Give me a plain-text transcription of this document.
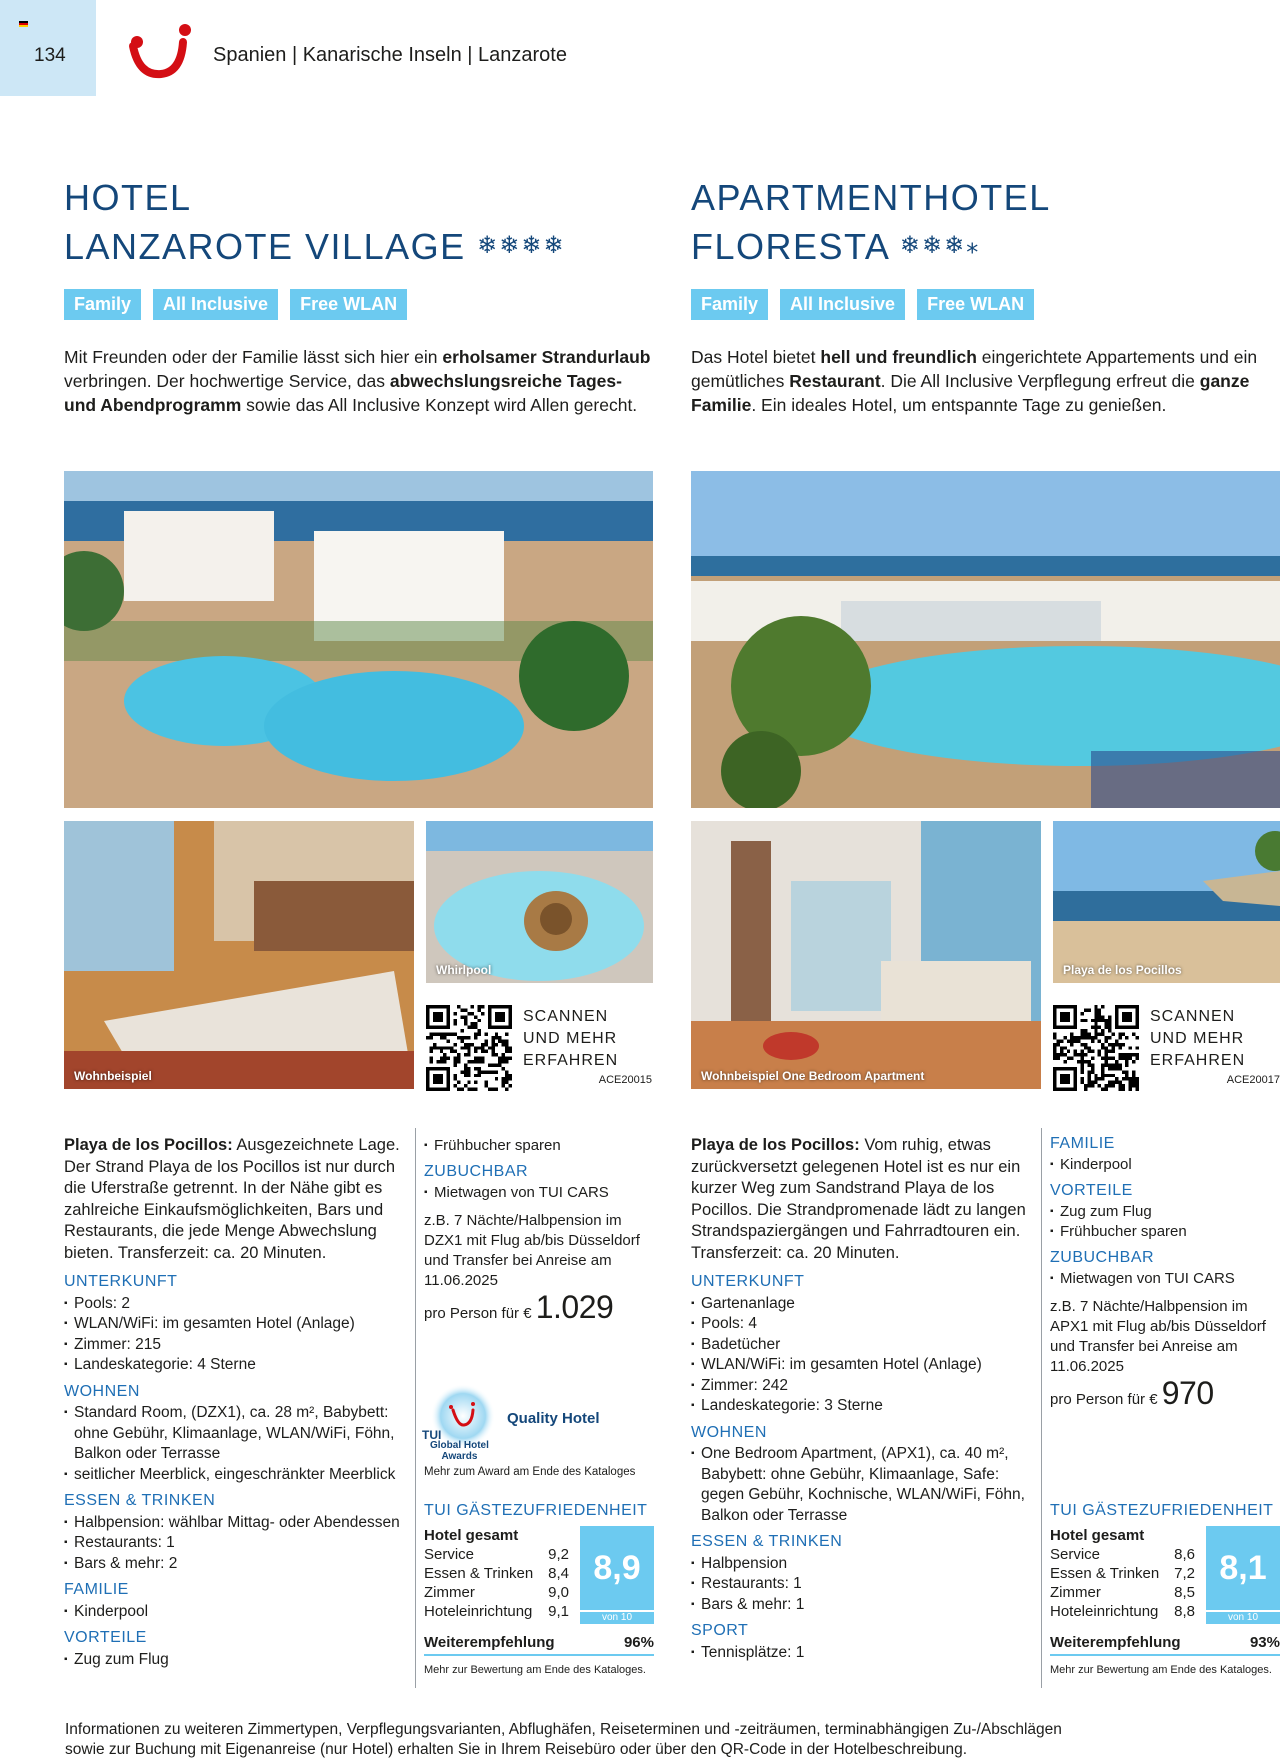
134	Spanien | Kanarische Inseln | Lanzarote
HOTEL
LANZAROTE VILLAGE ❄❄❄❄
Family	All Inclusive	Free WLAN
Mit Freunden oder der Familie lässt sich hier ein erholsamer Strandurlaub verbringen. Der hochwertige Service, das abwechslungsreiche Tages- und Abendprogramm sowie das All Inclusive Konzept wird Allen gerecht.
Wohnbeispiel
Whirlpool
SCANNEN
UND MEHR
ERFAHREN
ACE20015
Playa de los Pocillos: Ausgezeichnete Lage. Der Strand Playa de los Pocillos ist nur durch die Uferstraße getrennt. In der Nähe gibt es zahlreiche Einkaufsmöglichkeiten, Bars und Restaurants, die jede Menge Abwechslung bieten. Transferzeit: ca. 20 Minuten.
UNTERKUNFT
▪ Pools: 2
▪ WLAN/WiFi: im gesamten Hotel (Anlage)
▪ Zimmer: 215
▪ Landeskategorie: 4 Sterne
WOHNEN
▪ Standard Room, (DZX1), ca. 28 m², Babybett: ohne Gebühr, Klimaanlage, WLAN/WiFi, Föhn, Balkon oder Terrasse
▪ seitlicher Meerblick, eingeschränkter Meerblick
ESSEN & TRINKEN
▪ Halbpension: wählbar Mittag- oder Abendessen
▪ Restaurants: 1
▪ Bars & mehr: 2
FAMILIE
▪ Kinderpool
VORTEILE
▪ Zug zum Flug
▪ Frühbucher sparen
ZUBUCHBAR
▪ Mietwagen von TUI CARS
z.B. 7 Nächte/Halbpension im DZX1 mit Flug ab/bis Düsseldorf und Transfer bei Anreise am 11.06.2025
pro Person für € 1.029
TUI
Global Hotel
Awards
Quality Hotel
Mehr zum Award am Ende des Kataloges
TUI GÄSTEZUFRIEDENHEIT
Hotel gesamt
Service	9,2
Essen & Trinken 8,4
Zimmer	9,0
Hoteleinrichtung 9,1
8,9
von 10
Weiterempfehlung	96%
Mehr zur Bewertung am Ende des Kataloges.
APARTMENTHOTEL
FLORESTA ❄❄❄⁎
Family	All Inclusive	Free WLAN
Das Hotel bietet hell und freundlich eingerichtete Appartements und ein gemütliches Restaurant. Die All Inclusive Verpflegung erfreut die ganze Familie. Ein ideales Hotel, um entspannte Tage zu genießen.
Wohnbeispiel One Bedroom Apartment
Playa de los Pocillos
SCANNEN
UND MEHR
ERFAHREN
ACE20017
Playa de los Pocillos: Vom ruhig, etwas zurückversetzt gelegenen Hotel ist es nur ein kurzer Weg zum Sandstrand Playa de los Pocillos. Die Strandpromenade lädt zu langen Strandspaziergängen und Fahrradtouren ein. Transferzeit: ca. 20 Minuten.
UNTERKUNFT
▪ Gartenanlage
▪ Pools: 4
▪ Badetücher
▪ WLAN/WiFi: im gesamten Hotel (Anlage)
▪ Zimmer: 242
▪ Landeskategorie: 3 Sterne
WOHNEN
▪ One Bedroom Apartment, (APX1), ca. 40 m², Babybett: ohne Gebühr, Klimaanlage, Safe: gegen Gebühr, Kochnische, WLAN/WiFi, Föhn, Balkon oder Terrasse
ESSEN & TRINKEN
▪ Halbpension
▪ Restaurants: 1
▪ Bars & mehr: 1
SPORT
▪ Tennisplätze: 1
FAMILIE
▪ Kinderpool
VORTEILE
▪ Zug zum Flug
▪ Frühbucher sparen
ZUBUCHBAR
▪ Mietwagen von TUI CARS
z.B. 7 Nächte/Halbpension im APX1 mit Flug ab/bis Düsseldorf und Transfer bei Anreise am 11.06.2025
pro Person für € 970
TUI GÄSTEZUFRIEDENHEIT
Hotel gesamt
Service	8,6
Essen & Trinken 7,2
Zimmer	8,5
Hoteleinrichtung 8,8
8,1
von 10
Weiterempfehlung	93%
Mehr zur Bewertung am Ende des Kataloges.
Informationen zu weiteren Zimmertypen, Verpflegungsvarianten, Abflughäfen, Reiseterminen und -zeiträumen, terminabhängigen Zu-/Abschlägen sowie zur Buchung mit Eigenanreise (nur Hotel) erhalten Sie in Ihrem Reisebüro oder über den QR-Code in der Hotelbeschreibung.
